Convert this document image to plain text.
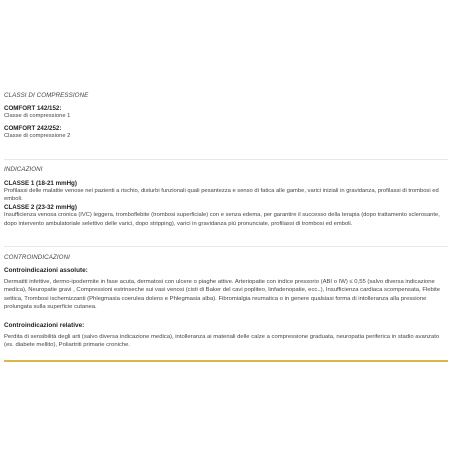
CLASSI DI COMPRESSIONE
COMFORT 142/152:
Classe di compressione 1
COMFORT 242/252:
Classe di compressione 2
INDICAZIONI
CLASSE 1 (18-21 mmHg)
Profilassi delle malattie venose nei pazienti a rischio, disturbi funzionali quali pesantezza e senso di fatica alle gambe, varici iniziali in gravidanza, profilassi di trombosi ed emboli.
CLASSE 2 (23-32 mmHg)
Insufficienza venosa cronica (IVC) leggera, tromboflebite (trombosi superficiale) con e senza edema, per garantire il successo della terapia (dopo trattamento sclerosante, dopo intervento ambulatoriale selettivo delle varici, dopo stripping), varici in gravidanza più pronunciate, profilassi di trombosi ed emboli.
CONTROINDICAZIONI
Controindicazioni assolute:
Dermatiti infettive, dermo-ipodermite in fase acuta, dermatosi con ulcere o piaghe attive. Arteriopatie con indice pressorio (ABI o IW) ≤ 0,55 (salvo diversa indicazione medica), Neuropatie gravi , Compressioni estrinseche sui vasi venosi (cisti di Baker del cavi popliteo, linfadenopatie, ecc..), Insufficienza cardiaca scompensata, Flebite settica, Trombosi ischemizzanti (Phlegmasia coerulea dolens e Phlegmasia alba). Fibromialgia reumatica o in genere qualsiasi forma di intolleranza alla pressione prolungata sulla superficie cutanea.
Controindicazioni relative:
Perdita di sensibilità degli arti (salvo diversa indicazione medica), intolleranza ai materiali delle calze a compressione graduata, neuropatia periferica in stadio avanzato (es. diabete mellito), Poliartriti primarie croniche.
